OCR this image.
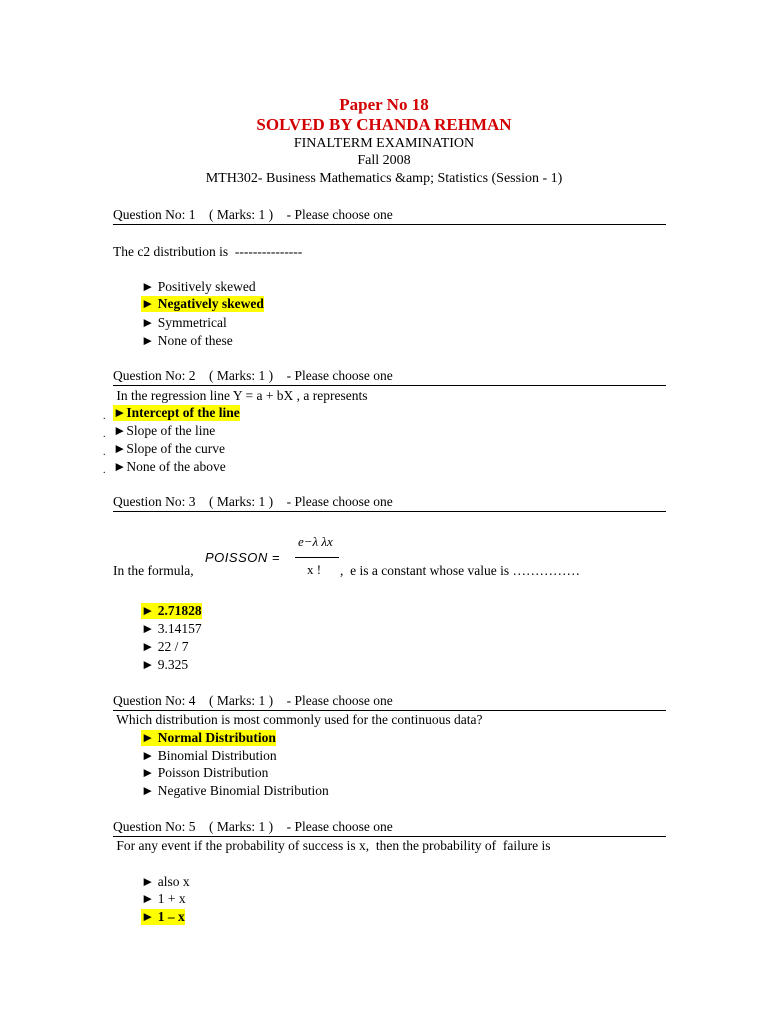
Paper No 18
SOLVED BY CHANDA REHMAN
FINALTERM EXAMINATION
Fall 2008
MTH302- Business Mathematics &amp; Statistics (Session - 1)
Question No: 1    ( Marks: 1 )    - Please choose one
The c2 distribution is  ---------------
► Positively skewed
► Negatively skewed
► Symmetrical
► None of these
Question No: 2    ( Marks: 1 )    - Please choose one
In the regression line Y = a + bX , a represents
►Intercept of the line
►Slope of the line
►Slope of the curve
►None of the above
.
.
.
.
Question No: 3    ( Marks: 1 )    - Please choose one
In the formula,
POISSON =
e−λ λx
x ! ,  e is a constant whose value is ……………
► 2.71828
► 3.14157
► 22 / 7
► 9.325
Question No: 4    ( Marks: 1 )    - Please choose one
Which distribution is most commonly used for the continuous data?
► Normal Distribution
► Binomial Distribution
► Poisson Distribution
► Negative Binomial Distribution
Question No: 5    ( Marks: 1 )    - Please choose one
For any event if the probability of success is x,  then the probability of  failure is
► also x
► 1 + x
► 1 – x
